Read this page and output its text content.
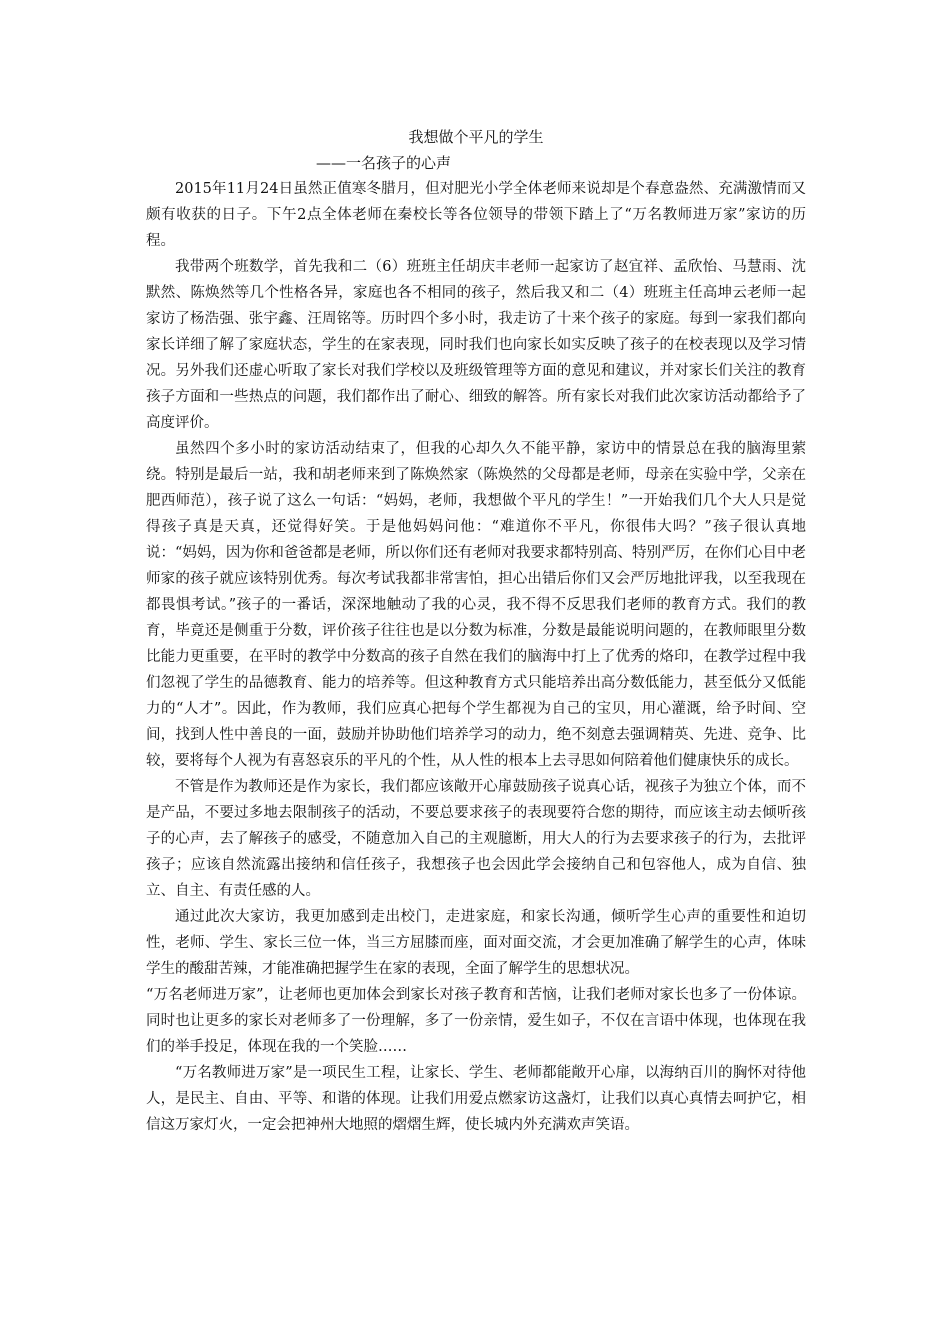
我想做个平凡的学生
——一名孩子的心声

2015年11月24日虽然正值寒冬腊月，但对肥光小学全体老师来说却是个春意盎然、充满激情而又颇有收获的日子。下午2点全体老师在秦校长等各位领导的带领下踏上了“万名教师进万家”家访的历程。

我带两个班数学，首先我和二（6）班班主任胡庆丰老师一起家访了赵宜祥、孟欣怡、马慧雨、沈默然、陈焕然等几个性格各异，家庭也各不相同的孩子，然后我又和二（4）班班主任高坤云老师一起家访了杨浩强、张宇鑫、汪周铭等。历时四个多小时，我走访了十来个孩子的家庭。每到一家我们都向家长详细了解了家庭状态，学生的在家表现，同时我们也向家长如实反映了孩子的在校表现以及学习情况。另外我们还虚心听取了家长对我们学校以及班级管理等方面的意见和建议，并对家长们关注的教育孩子方面和一些热点的问题，我们都作出了耐心、细致的解答。所有家长对我们此次家访活动都给予了高度评价。

虽然四个多小时的家访活动结束了，但我的心却久久不能平静，家访中的情景总在我的脑海里萦绕。特别是最后一站，我和胡老师来到了陈焕然家（陈焕然的父母都是老师，母亲在实验中学，父亲在肥西师范），孩子说了这么一句话：“妈妈，老师，我想做个平凡的学生！”一开始我们几个大人只是觉得孩子真是天真，还觉得好笑。于是他妈妈问他：“难道你不平凡，你很伟大吗？”孩子很认真地说：“妈妈，因为你和爸爸都是老师，所以你们还有老师对我要求都特别高、特别严厉，在你们心目中老师家的孩子就应该特别优秀。每次考试我都非常害怕，担心出错后你们又会严厉地批评我，以至我现在都畏惧考试。”孩子的一番话，深深地触动了我的心灵，我不得不反思我们老师的教育方式。我们的教育，毕竟还是侧重于分数，评价孩子往往也是以分数为标准，分数是最能说明问题的，在教师眼里分数比能力更重要，在平时的教学中分数高的孩子自然在我们的脑海中打上了优秀的烙印，在教学过程中我们忽视了学生的品德教育、能力的培养等。但这种教育方式只能培养出高分数低能力，甚至低分又低能力的“人才”。因此，作为教师，我们应真心把每个学生都视为自己的宝贝，用心灌溉，给予时间、空间，找到人性中善良的一面，鼓励并协助他们培养学习的动力，绝不刻意去强调精英、先进、竞争、比较，要将每个人视为有喜怒哀乐的平凡的个性，从人性的根本上去寻思如何陪着他们健康快乐的成长。

不管是作为教师还是作为家长，我们都应该敞开心扉鼓励孩子说真心话，视孩子为独立个体，而不是产品，不要过多地去限制孩子的活动，不要总要求孩子的表现要符合您的期待，而应该主动去倾听孩子的心声，去了解孩子的感受，不随意加入自己的主观臆断，用大人的行为去要求孩子的行为，去批评孩子；应该自然流露出接纳和信任孩子，我想孩子也会因此学会接纳自己和包容他人，成为自信、独立、自主、有责任感的人。

通过此次大家访，我更加感到走出校门，走进家庭，和家长沟通，倾听学生心声的重要性和迫切性，老师、学生、家长三位一体，当三方屈膝而座，面对面交流，才会更加准确了解学生的心声，体味学生的酸甜苦辣，才能准确把握学生在家的表现，全面了解学生的思想状况。

“万名老师进万家”，让老师也更加体会到家长对孩子教育和苦恼，让我们老师对家长也多了一份体谅。同时也让更多的家长对老师多了一份理解，多了一份亲情，爱生如子，不仅在言语中体现，也体现在我们的举手投足，体现在我的一个笑脸……

“万名教师进万家”是一项民生工程，让家长、学生、老师都能敞开心扉，以海纳百川的胸怀对待他人，是民主、自由、平等、和谐的体现。让我们用爱点燃家访这盏灯，让我们以真心真情去呵护它，相信这万家灯火，一定会把神州大地照的熠熠生辉，使长城内外充满欢声笑语。
